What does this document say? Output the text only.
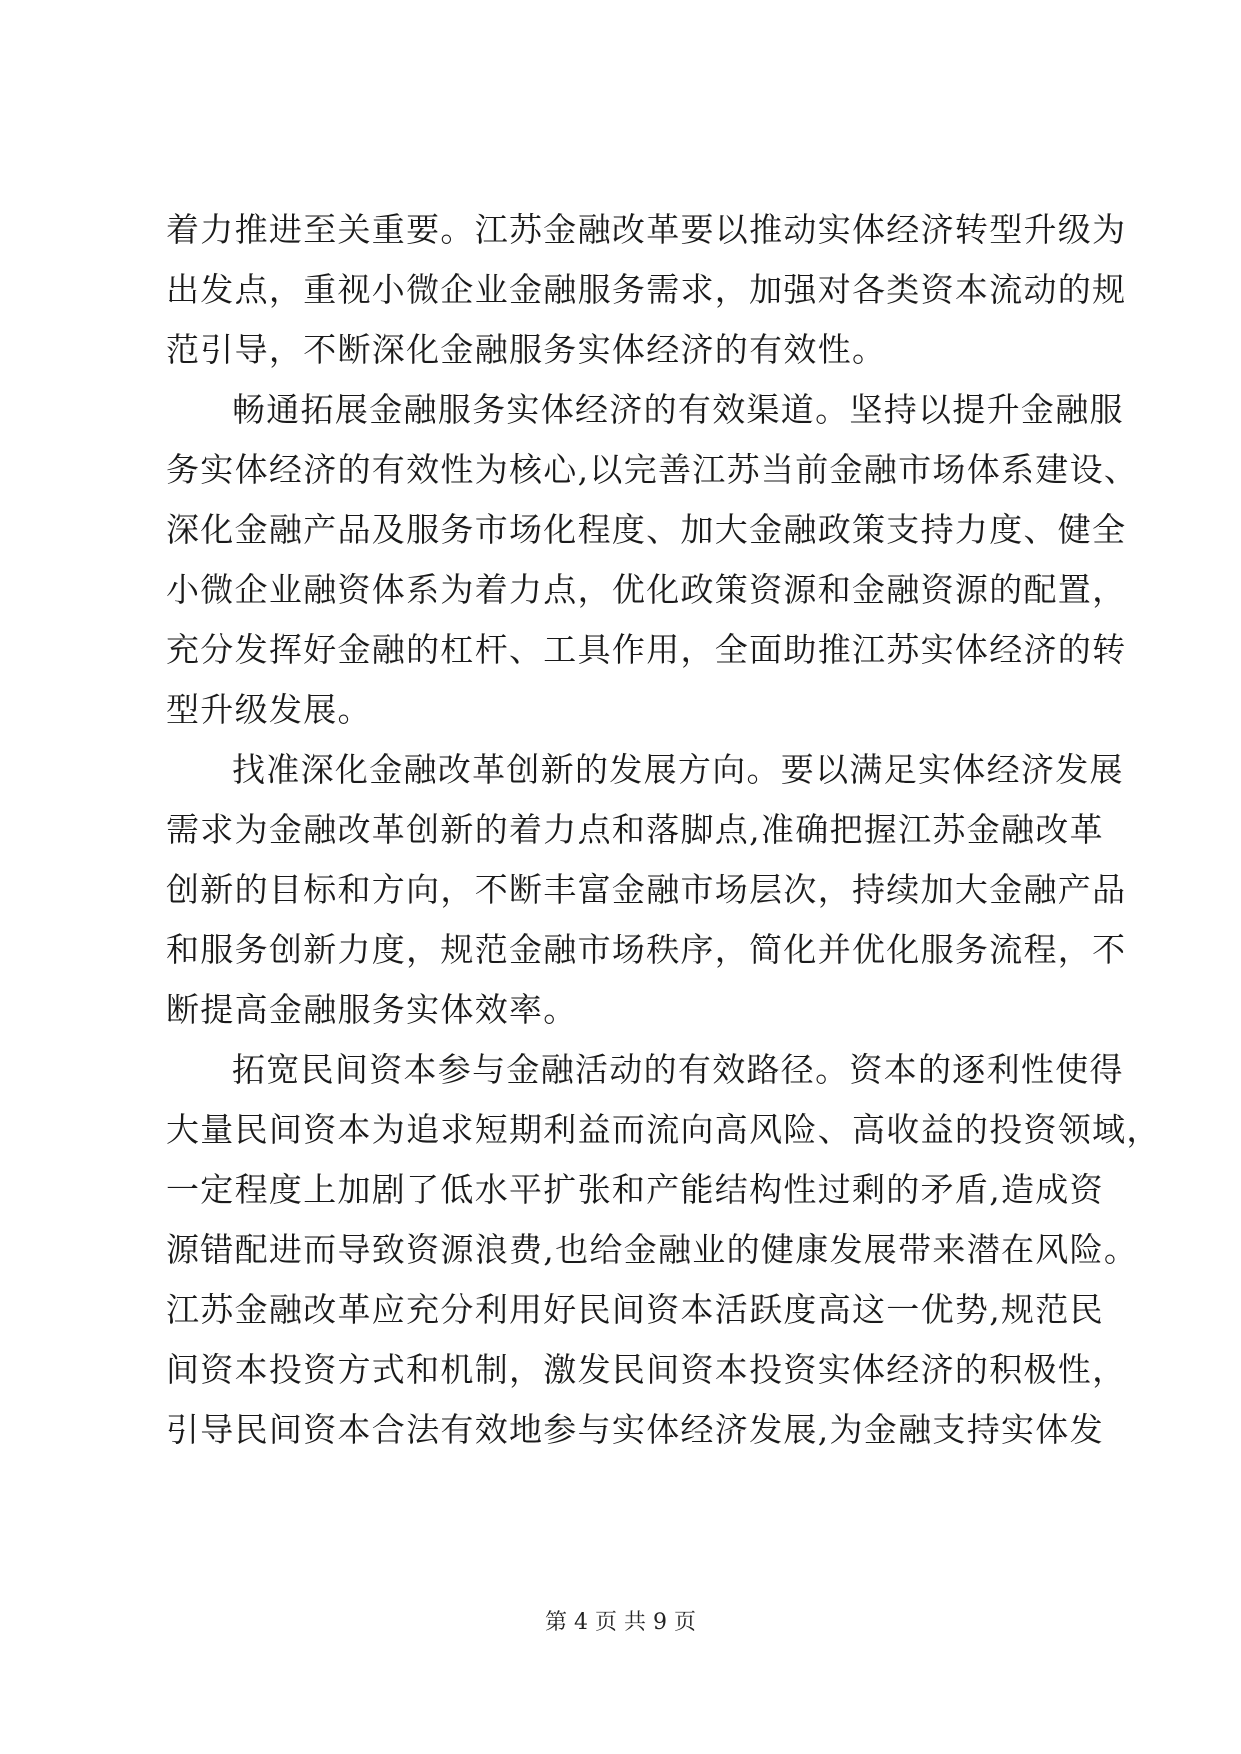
着力推进至关重要。江苏金融改革要以推动实体经济转型升级为
出发点，重视小微企业金融服务需求，加强对各类资本流动的规
范引导，不断深化金融服务实体经济的有效性。
畅通拓展金融服务实体经济的有效渠道。坚持以提升金融服
务实体经济的有效性为核心,以完善江苏当前金融市场体系建设、
深化金融产品及服务市场化程度、加大金融政策支持力度、健全
小微企业融资体系为着力点，优化政策资源和金融资源的配置，
充分发挥好金融的杠杆、工具作用，全面助推江苏实体经济的转
型升级发展。
找准深化金融改革创新的发展方向。要以满足实体经济发展
需求为金融改革创新的着力点和落脚点,准确把握江苏金融改革
创新的目标和方向，不断丰富金融市场层次，持续加大金融产品
和服务创新力度，规范金融市场秩序，简化并优化服务流程，不
断提高金融服务实体效率。
拓宽民间资本参与金融活动的有效路径。资本的逐利性使得
大量民间资本为追求短期利益而流向高风险、高收益的投资领域，
一定程度上加剧了低水平扩张和产能结构性过剩的矛盾,造成资
源错配进而导致资源浪费,也给金融业的健康发展带来潜在风险。
江苏金融改革应充分利用好民间资本活跃度高这一优势,规范民
间资本投资方式和机制，激发民间资本投资实体经济的积极性，
引导民间资本合法有效地参与实体经济发展,为金融支持实体发
第 4 页 共 9 页
